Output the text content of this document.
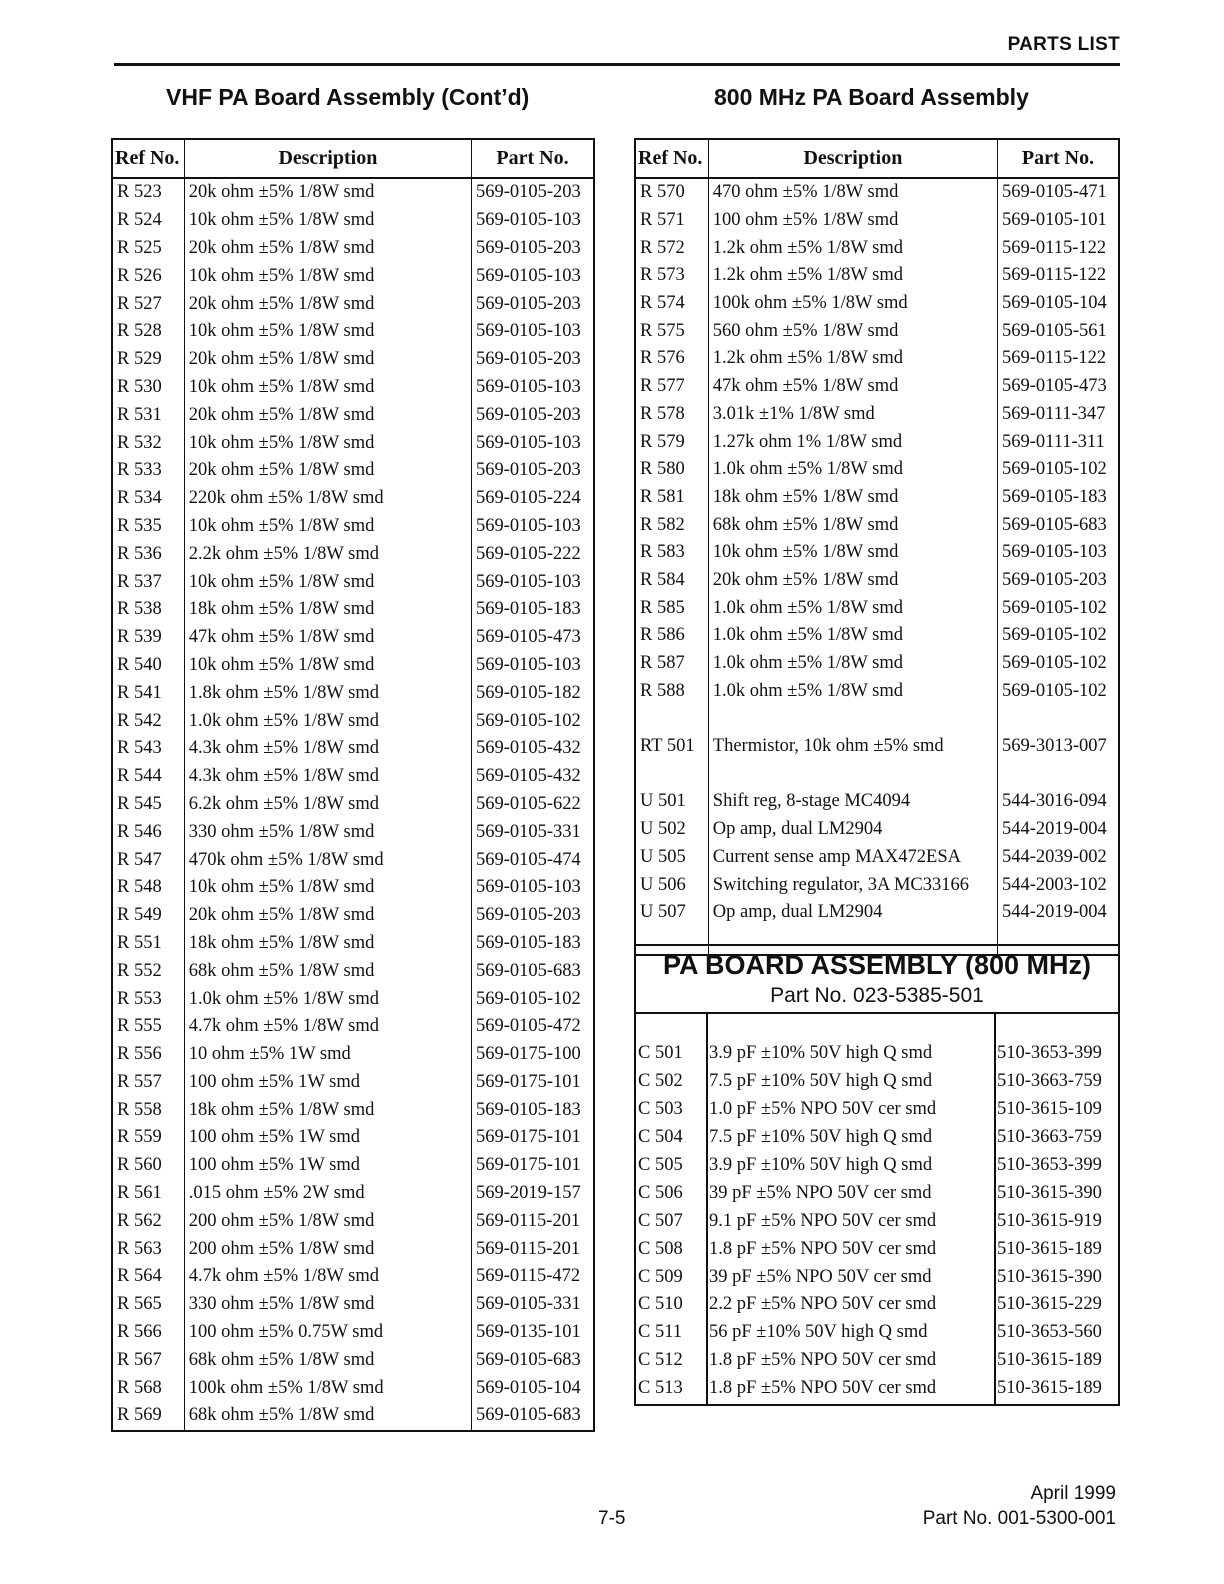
PARTS LIST
VHF PA Board Assembly (Cont’d)	800 MHz PA Board Assembly
Ref No.	Description	Part No.
R 523	20k ohm ±5% 1/8W smd	569-0105-203
R 524	10k ohm ±5% 1/8W smd	569-0105-103
R 525	20k ohm ±5% 1/8W smd	569-0105-203
R 526	10k ohm ±5% 1/8W smd	569-0105-103
R 527	20k ohm ±5% 1/8W smd	569-0105-203
R 528	10k ohm ±5% 1/8W smd	569-0105-103
R 529	20k ohm ±5% 1/8W smd	569-0105-203
R 530	10k ohm ±5% 1/8W smd	569-0105-103
R 531	20k ohm ±5% 1/8W smd	569-0105-203
R 532	10k ohm ±5% 1/8W smd	569-0105-103
R 533	20k ohm ±5% 1/8W smd	569-0105-203
R 534	220k ohm ±5% 1/8W smd	569-0105-224
R 535	10k ohm ±5% 1/8W smd	569-0105-103
R 536	2.2k ohm ±5% 1/8W smd	569-0105-222
R 537	10k ohm ±5% 1/8W smd	569-0105-103
R 538	18k ohm ±5% 1/8W smd	569-0105-183
R 539	47k ohm ±5% 1/8W smd	569-0105-473
R 540	10k ohm ±5% 1/8W smd	569-0105-103
R 541	1.8k ohm ±5% 1/8W smd	569-0105-182
R 542	1.0k ohm ±5% 1/8W smd	569-0105-102
R 543	4.3k ohm ±5% 1/8W smd	569-0105-432
R 544	4.3k ohm ±5% 1/8W smd	569-0105-432
R 545	6.2k ohm ±5% 1/8W smd	569-0105-622
R 546	330 ohm ±5% 1/8W smd	569-0105-331
R 547	470k ohm ±5% 1/8W smd	569-0105-474
R 548	10k ohm ±5% 1/8W smd	569-0105-103
R 549	20k ohm ±5% 1/8W smd	569-0105-203
R 551	18k ohm ±5% 1/8W smd	569-0105-183
R 552	68k ohm ±5% 1/8W smd	569-0105-683
R 553	1.0k ohm ±5% 1/8W smd	569-0105-102
R 555	4.7k ohm ±5% 1/8W smd	569-0105-472
R 556	10 ohm ±5% 1W smd	569-0175-100
R 557	100 ohm ±5% 1W smd	569-0175-101
R 558	18k ohm ±5% 1/8W smd	569-0105-183
R 559	100 ohm ±5% 1W smd	569-0175-101
R 560	100 ohm ±5% 1W smd	569-0175-101
R 561	.015 ohm ±5% 2W smd	569-2019-157
R 562	200 ohm ±5% 1/8W smd	569-0115-201
R 563	200 ohm ±5% 1/8W smd	569-0115-201
R 564	4.7k ohm ±5% 1/8W smd	569-0115-472
R 565	330 ohm ±5% 1/8W smd	569-0105-331
R 566	100 ohm ±5% 0.75W smd	569-0135-101
R 567	68k ohm ±5% 1/8W smd	569-0105-683
R 568	100k ohm ±5% 1/8W smd	569-0105-104
R 569	68k ohm ±5% 1/8W smd	569-0105-683
Ref No.	Description	Part No.
R 570	470 ohm ±5% 1/8W smd	569-0105-471
R 571	100 ohm ±5% 1/8W smd	569-0105-101
R 572	1.2k ohm ±5% 1/8W smd	569-0115-122
R 573	1.2k ohm ±5% 1/8W smd	569-0115-122
R 574	100k ohm ±5% 1/8W smd	569-0105-104
R 575	560 ohm ±5% 1/8W smd	569-0105-561
R 576	1.2k ohm ±5% 1/8W smd	569-0115-122
R 577	47k ohm ±5% 1/8W smd	569-0105-473
R 578	3.01k ±1% 1/8W smd	569-0111-347
R 579	1.27k ohm 1% 1/8W smd	569-0111-311
R 580	1.0k ohm ±5% 1/8W smd	569-0105-102
R 581	18k ohm ±5% 1/8W smd	569-0105-183
R 582	68k ohm ±5% 1/8W smd	569-0105-683
R 583	10k ohm ±5% 1/8W smd	569-0105-103
R 584	20k ohm ±5% 1/8W smd	569-0105-203
R 585	1.0k ohm ±5% 1/8W smd	569-0105-102
R 586	1.0k ohm ±5% 1/8W smd	569-0105-102
R 587	1.0k ohm ±5% 1/8W smd	569-0105-102
R 588	1.0k ohm ±5% 1/8W smd	569-0105-102

RT 501	Thermistor, 10k ohm ±5% smd	569-3013-007

U 501	Shift reg, 8-stage MC4094	544-3016-094
U 502	Op amp, dual LM2904	544-2019-004
U 505	Current sense amp MAX472ESA	544-2039-002
U 506	Switching regulator, 3A MC33166	544-2003-102
U 507	Op amp, dual LM2904	544-2019-004

PA BOARD ASSEMBLY (800 MHz)
Part No. 023-5385-501
C 501	3.9 pF ±10% 50V high Q smd	510-3653-399
C 502	7.5 pF ±10% 50V high Q smd	510-3663-759
C 503	1.0 pF ±5% NPO 50V cer smd	510-3615-109
C 504	7.5 pF ±10% 50V high Q smd	510-3663-759
C 505	3.9 pF ±10% 50V high Q smd	510-3653-399
C 506	39 pF ±5% NPO 50V cer smd	510-3615-390
C 507	9.1 pF ±5% NPO 50V cer smd	510-3615-919
C 508	1.8 pF ±5% NPO 50V cer smd	510-3615-189
C 509	39 pF ±5% NPO 50V cer smd	510-3615-390
C 510	2.2 pF ±5% NPO 50V cer smd	510-3615-229
C 511	56 pF ±10% 50V high Q smd	510-3653-560
C 512	1.8 pF ±5% NPO 50V cer smd	510-3615-189
C 513	1.8 pF ±5% NPO 50V cer smd	510-3615-189
7-5
April 1999
Part No. 001-5300-001
